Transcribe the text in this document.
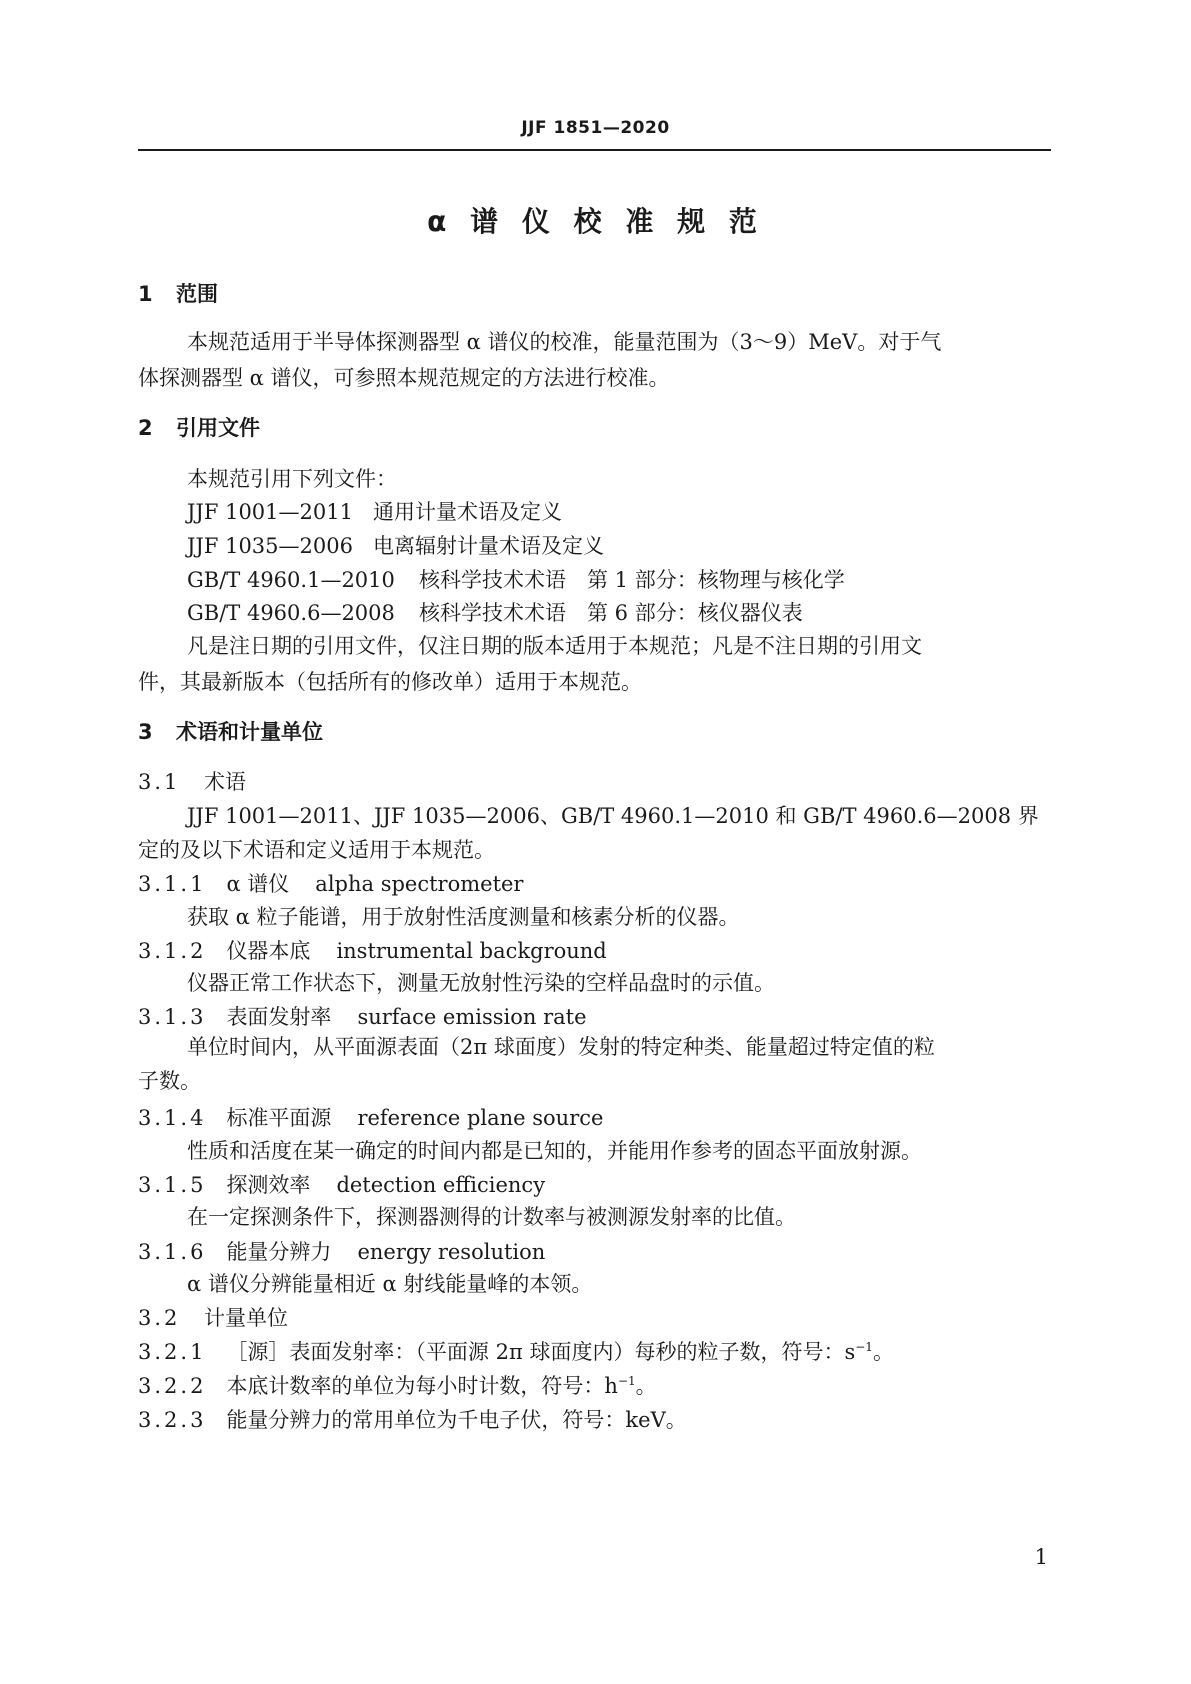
JJF 1851—2020
α 谱 仪 校 准 规 范
1 范围
本规范适用于半导体探测器型 α 谱仪的校准，能量范围为（3～9）MeV。对于气
体探测器型 α 谱仪，可参照本规范规定的方法进行校准。
2 引用文件
本规范引用下列文件：
JJF 1001—2011 通用计量术语及定义
JJF 1035—2006 电离辐射计量术语及定义
GB/T 4960.1—2010 核科学技术术语　第 1 部分：核物理与核化学
GB/T 4960.6—2008 核科学技术术语　第 6 部分：核仪器仪表
凡是注日期的引用文件，仅注日期的版本适用于本规范；凡是不注日期的引用文
件，其最新版本（包括所有的修改单）适用于本规范。
3 术语和计量单位
3.1 术语
JJF 1001—2011、JJF 1035—2006、GB/T 4960.1—2010 和 GB/T 4960.6—2008 界
定的及以下术语和定义适用于本规范。
3.1.1 α 谱仪 alpha spectrometer
获取 α 粒子能谱，用于放射性活度测量和核素分析的仪器。
3.1.2 仪器本底 instrumental background
仪器正常工作状态下，测量无放射性污染的空样品盘时的示值。
3.1.3 表面发射率 surface emission rate
单位时间内，从平面源表面（2π 球面度）发射的特定种类、能量超过特定值的粒
子数。
3.1.4 标准平面源 reference plane source
性质和活度在某一确定的时间内都是已知的，并能用作参考的固态平面放射源。
3.1.5 探测效率 detection efficiency
在一定探测条件下，探测器测得的计数率与被测源发射率的比值。
3.1.6 能量分辨力 energy resolution
α 谱仪分辨能量相近 α 射线能量峰的本领。
3.2 计量单位
3.2.1 ［源］表面发射率：（平面源 2π 球面度内）每秒的粒子数，符号：$s^{-1}$。
3.2.2 本底计数率的单位为每小时计数，符号：$h^{-1}$。
3.2.3 能量分辨力的常用单位为千电子伏，符号：keV。
1
